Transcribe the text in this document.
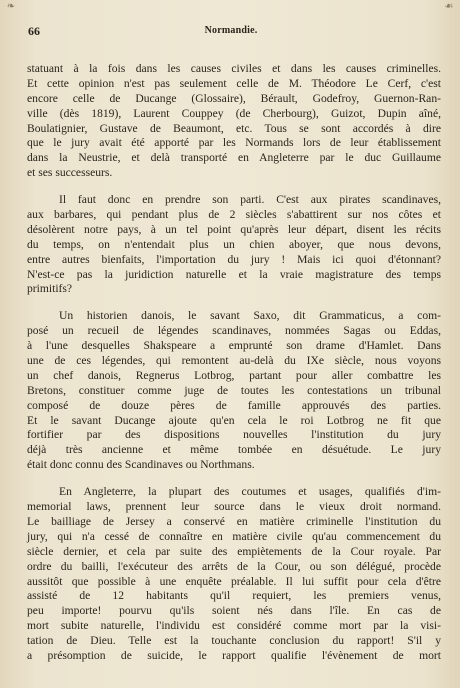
❧	☙
66	Normandie.
statuant à la fois dans les causes civiles et dans les causes criminelles.
Et cette opinion n'est pas seulement celle de M. Théodore Le Cerf, c'est
encore celle de Ducange (Glossaire), Bérault, Godefroy, Guernon-Ran-
ville (dès 1819), Laurent Couppey (de Cherbourg), Guizot, Dupin aîné,
Boulatignier, Gustave de Beaumont, etc. Tous se sont accordés à dire
que le jury avait été apporté par les Normands lors de leur établissement
dans la Neustrie, et delà transporté en Angleterre par le duc Guillaume
et ses successeurs.
Il faut donc en prendre son parti. C'est aux pirates scandinaves,
aux barbares, qui pendant plus de 2 siècles s'abattirent sur nos côtes et
désolèrent notre pays, à un tel point qu'après leur départ, disent les récits
du temps, on n'entendait plus un chien aboyer, que nous devons,
entre autres bienfaits, l'importation du jury ! Mais ici quoi d'étonnant?
N'est-ce pas la juridiction naturelle et la vraie magistrature des temps
primitifs?
Un historien danois, le savant Saxo, dit Grammaticus, a com-
posé un recueil de légendes scandinaves, nommées Sagas ou Eddas,
à l'une desquelles Shakspeare a emprunté son drame d'Hamlet. Dans
une de ces légendes, qui remontent au-delà du IXe siècle, nous voyons
un chef danois, Regnerus Lotbrog, partant pour aller combattre les
Bretons, constituer comme juge de toutes les contestations un tribunal
composé de douze pères de famille approuvés des parties.
Et le savant Ducange ajoute qu'en cela le roi Lotbrog ne fit que
fortifier par des dispositions nouvelles l'institution du jury
déjà très ancienne et même tombée en désuétude. Le jury
était donc connu des Scandinaves ou Northmans.
En Angleterre, la plupart des coutumes et usages, qualifiés d'im-
memorial laws, prennent leur source dans le vieux droit normand.
Le bailliage de Jersey a conservé en matière criminelle l'institution du
jury, qui n'a cessé de connaître en matière civile qu'au commencement du
siècle dernier, et cela par suite des empiètements de la Cour royale. Par
ordre du bailli, l'exécuteur des arrêts de la Cour, ou son délégué, procède
aussitôt que possible à une enquête préalable. Il lui suffit pour cela d'être
assisté de 12 habitants qu'il requiert, les premiers venus,
peu importe! pourvu qu'ils soient nés dans l'île. En cas de
mort subite naturelle, l'individu est considéré comme mort par la visi-
tation de Dieu. Telle est la touchante conclusion du rapport! S'il y
a présomption de suicide, le rapport qualifie l'évènement de mort
